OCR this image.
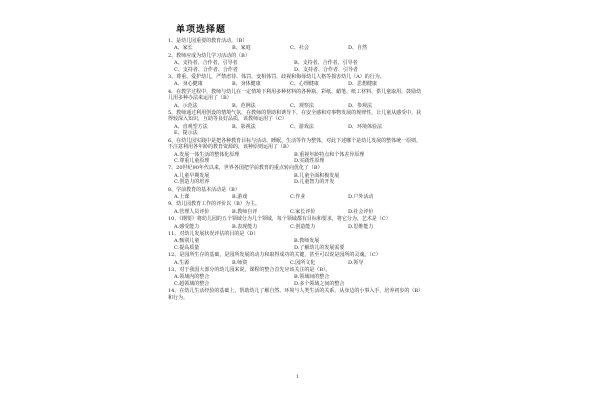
单项选择题
1、是幼儿园重要的教育活动。（B）
A、家长	B、家庭	C、社会	D、自然
2、教师应成为幼儿学习活动的（B）
A、支持者、合作者、引导者	B、支持者、合作者、引导者
C、支持者、合作者、合作者	D、支持者、合作者、引导者
3、尊重、爱护幼儿，严禁虐待、体罚、变相体罚、歧视和侮辱幼儿人格等损害幼儿（A）的行为。
A、身心健康	B、身体健康	C、心理健康	D、思想健康
4、在教学过程中，教师与幼儿在一定情境下利用多种材料的各种瓶、彩纸、蜡笔、纸工材料、供儿童取用，鼓励幼儿用多种办法来运用了（B）
A、示范法	B、范例法	C、观察法	D、参观法
5、教师通过利用创设的情境气氛，在教师的帮助和诱导下，在安全感和对事物发展的规律性，让儿童从感受中，获得较深入知识，互助等良好品质，该教师运用了（C）
A、直观型方法	B、影视法	C、游戏法	D、环境体验法
E、提示法
6、在幼儿园实践中是把各种教育目标与活动、睡眠、生活等作为整体，对此下述哪个是幼儿发展的整体统一原则，不注意利用各年龄的教育资源的，该种原则运用了（B）
A.发展一体生活的整体化原理	B.重视年龄特点和个体差异原理
C.尊重儿童原理	D.实践性原理
7、20世纪90年代以来，世界各国把学前教育的重点转向优化了（B）
A.儿童早期发展	B.儿童全面积极发展
C.创造力的培养	D.儿童智力的开发
8、学前教育的基本活动是（B）
A.上课	B.游戏	C.作业	D.户外活动
9、幼儿园教育工作的评价以（B）为主。
A.管理人员评价	B.教师自评	C.家长评价	D.社会评价
10、《纲要》将幼儿园的五个领域分为几个领域，每个领域都有目标和要求，将它分为，艺术是（C）
A.感受能力	B.表现能力	C.创造能力	D.思维能力
11、对幼儿发展状况评估的目的是（D）
A.甄别儿童	B.教师发展
C.提高质量	D.了解幼儿的发展需要
12、是园所生存的基础，是园所发展的动力和取得成功的关键，甚至可以说是园所的灵魂。（C）
A.生源	B.师资	C.园所文化	D.领导
13、对于我国大部分的幼儿园来说，课程的整合首先应该关注的是（B）。
A.领域内的整合	B.领域间的整合
C.超领域的整合	D.多个领域之间的整合
14、在幼儿生活经验的基础上，帮助幼儿了解自然、环境与人类生活的关系，从身边的小事入手，培养初步的（B）和行为。
1
